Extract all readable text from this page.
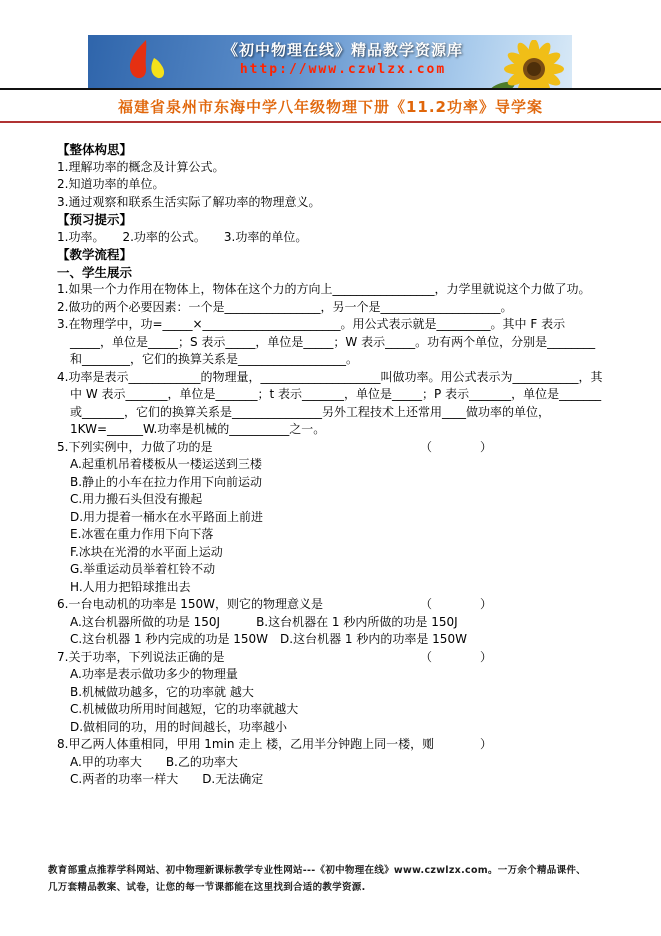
《初中物理在线》精品教学资源库
http://www.czwlzx.com
福建省泉州市东海中学八年级物理下册《11.2功率》导学案
【整体构思】
1.理解功率的概念及计算公式。
2.知道功率的单位。
3.通过观察和联系生活实际了解功率的物理意义。
【预习提示】
1.功率。　　2.功率的公式。　　3.功率的单位。
【教学流程】
一、学生展示
1.如果一个力作用在物体上，物体在这个力的方向上_________________，力学里就说这个力做了功。
2.做功的两个必要因素：一个是________________，另一个是____________________。
3.在物理学中，功=_____×_______________________。用公式表示就是_________。其中 F 表示_____，单位是_____；S 表示_____，单位是_____；W 表示_____。功有两个单位，分别是________和________，它们的换算关系是__________________。
4.功率是表示____________的物理量，____________________叫做功率。用公式表示为___________，其中 W 表示_______，单位是_______；t 表示_______，单位是_____；P 表示_______，单位是_______或_______，它们的换算关系是_______________另外工程技术上还常用____做功率的单位，1KW=______W.功率是机械的__________之一。
5.下列实例中，力做了功的是	（　　　　）
A.起重机吊着楼板从一楼运送到三楼
B.静止的小车在拉力作用下向前运动
C.用力搬石头但没有搬起
D.用力提着一桶水在水平路面上前进
E.冰雹在重力作用下向下落
F.冰块在光滑的水平面上运动
G.举重运动员举着杠铃不动
H.人用力把铅球推出去
6.一台电动机的功率是 150W，则它的物理意义是	（　　　　）
A.这台机器所做的功是 150J　　　B.这台机器在 1 秒内所做的功是 150J
C.这台机器 1 秒内完成的功是 150W　D.这台机器 1 秒内的功率是 150W
7.关于功率，下列说法正确的是	（　　　　）
A.功率是表示做功多少的物理量
B.机械做功越多，它的功率就 越大
C.机械做功所用时间越短，它的功率就越大
D.做相同的功，用的时间越长，功率越小
8.甲乙两人体重相同，甲用 1min 走上 楼，乙用半分钟跑上同一楼，则
（　　　　）
A.甲的功率大　　B.乙的功率大
C.两者的功率一样大　　D.无法确定
教育部重点推荐学科网站、初中物理新课标教学专业性网站---《初中物理在线》www.czwlzx.com。一万余个精品课件、
几万套精品教案、试卷，让您的每一节课都能在这里找到合适的教学资源.
